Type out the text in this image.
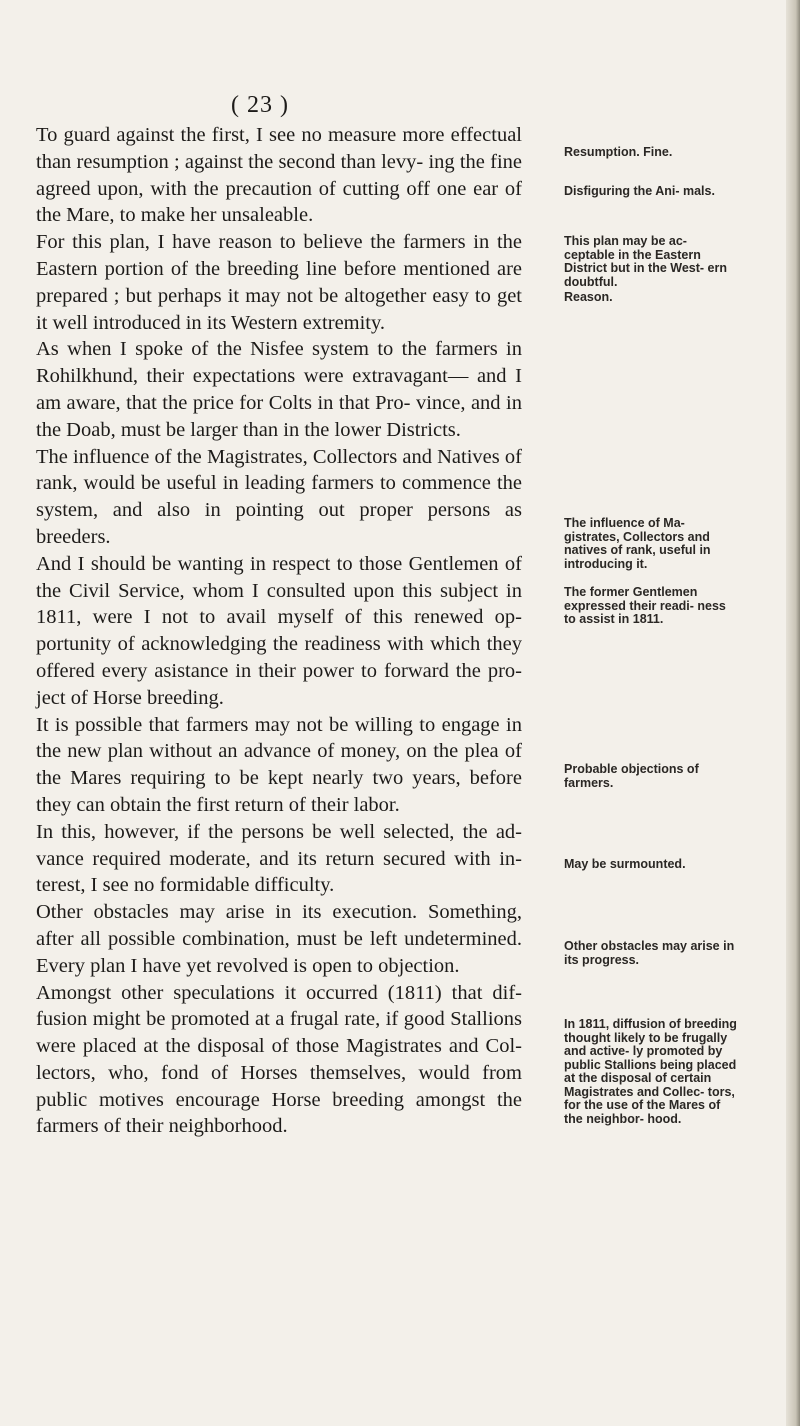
( 23 )

To guard against the first, I see no measure more effectual than resumption ; against the second than levy- ing the fine agreed upon, with the precaution of cutting off one ear of the Mare, to make her unsaleable.

For this plan, I have reason to believe the farmers in the Eastern portion of the breeding line before mentioned are prepared ; but perhaps it may not be altogether easy to get it well introduced in its Western extremity.

As when I spoke of the Nisfee system to the farmers in Rohilkhund, their expectations were extravagant— and I am aware, that the price for Colts in that Pro- vince, and in the Doab, must be larger than in the lower Districts.

The influence of the Magistrates, Collectors and Natives of rank, would be useful in leading farmers to commence the system, and also in pointing out proper persons as breeders.

And I should be wanting in respect to those Gentlemen of the Civil Service, whom I consulted upon this subject in 1811, were I not to avail myself of this renewed op- portunity of acknowledging the readiness with which they offered every asistance in their power to forward the pro- ject of Horse breeding.

It is possible that farmers may not be willing to engage in the new plan without an advance of money, on the plea of the Mares requiring to be kept nearly two years, before they can obtain the first return of their labor.

In this, however, if the persons be well selected, the ad- vance required moderate, and its return secured with in- terest, I see no formidable difficulty.

Other obstacles may arise in its execution. Something, after all possible combination, must be left undetermined. Every plan I have yet revolved is open to objection.

Amongst other speculations it occurred (1811) that dif- fusion might be promoted at a frugal rate, if good Stallions were placed at the disposal of those Magistrates and Col- lectors, who, fond of Horses themselves, would from public motives encourage Horse breeding amongst the farmers of their neighborhood.

Resumption. Fine.
Disfiguring the Ani- mals.
This plan may be ac- ceptable in the Eastern District but in the West- ern doubtful.
Reason.
The influence of Ma- gistrates, Collectors and natives of rank, useful in introducing it.
The former Gentlemen expressed their readi- ness to assist in 1811.
Probable objections of farmers.
May be surmounted.
Other obstacles may arise in its progress.
In 1811, diffusion of breeding thought likely to be frugally and active- ly promoted by public Stallions being placed at the disposal of certain Magistrates and Collec- tors, for the use of the Mares of the neighbor- hood.
